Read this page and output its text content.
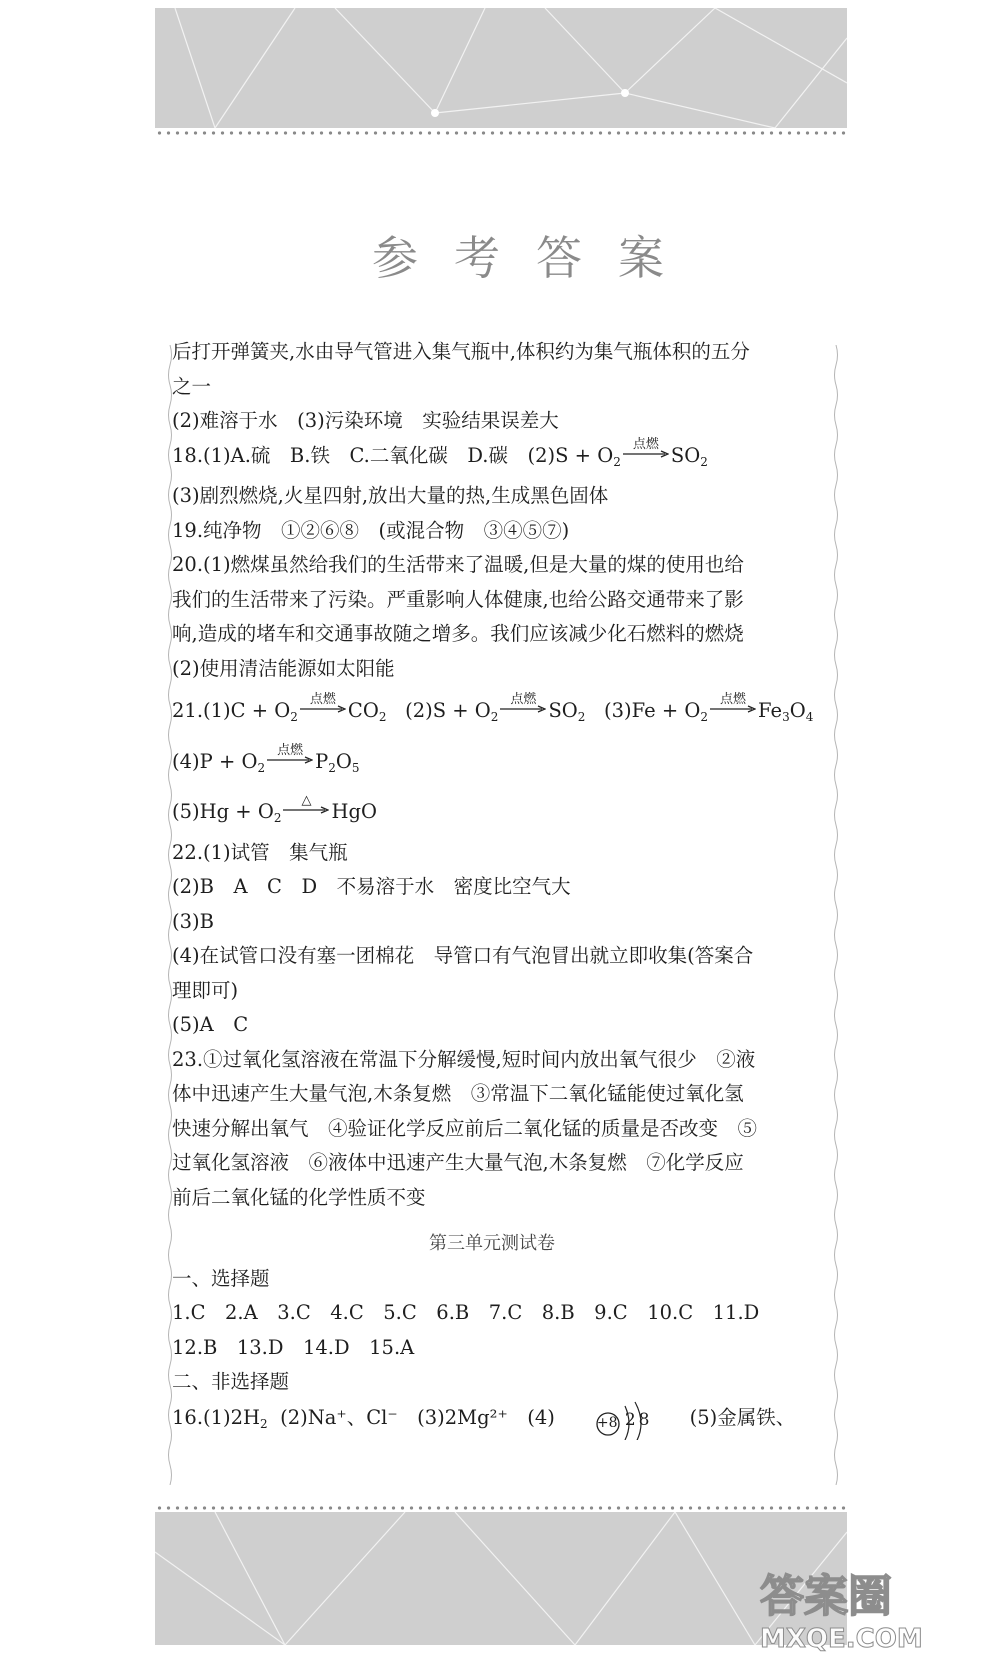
参考答案
后打开弹簧夹,水由导气管进入集气瓶中,体积约为集气瓶体积的五分
之一
(2)难溶于水　(3)污染环境　实验结果误差大
18.(1)A.硫　B.铁　C.二氧化碳　D.碳　$(2)S + O_2$
点燃 $SO_2$
(3)剧烈燃烧,火星四射,放出大量的热,生成黑色固体
19.纯净物　①②⑥⑧　(或混合物　③④⑤⑦)
20.(1)燃煤虽然给我们的生活带来了温暖,但是大量的煤的使用也给
我们的生活带来了污染。严重影响人体健康,也给公路交通带来了影
响,造成的堵车和交通事故随之增多。我们应该减少化石燃料的燃烧
(2)使用清洁能源如太阳能
$21.(1)C + O_2$
点燃 $CO_2$ $(2)S + O_2$
点燃 $SO_2$ $(3)Fe + O_2$
点燃 $Fe_3O_4$
$(4)P + O_2$
点燃 $P_2O_5$
$(5)Hg + O_2$
△	HgO
22.(1)试管　集气瓶
(2)B　A　C　D　不易溶于水　密度比空气大
(3)B
(4)在试管口没有塞一团棉花　导管口有气泡冒出就立即收集(答案合
理即可)
(5)A　C
23.①过氧化氢溶液在常温下分解缓慢,短时间内放出氧气很少　②液
体中迅速产生大量气泡,木条复燃　③常温下二氧化锰能使过氧化氢
快速分解出氧气　④验证化学反应前后二氧化锰的质量是否改变　⑤
过氧化氢溶液　⑥液体中迅速产生大量气泡,木条复燃　⑦化学反应
前后二氧化锰的化学性质不变
第三单元测试卷
一、选择题
1.C　2.A　3.C　4.C　5.C　6.B　7.C　8.B　9.C　10.C　11.D
12.B　13.D　14.D　15.A
二、非选择题
$16.(1)2H_2$ (2)Na⁺、Cl⁻　(3)2Mg²⁺　(4)	+8 28 (5)金属铁、
答案圈
MXQE.COM
